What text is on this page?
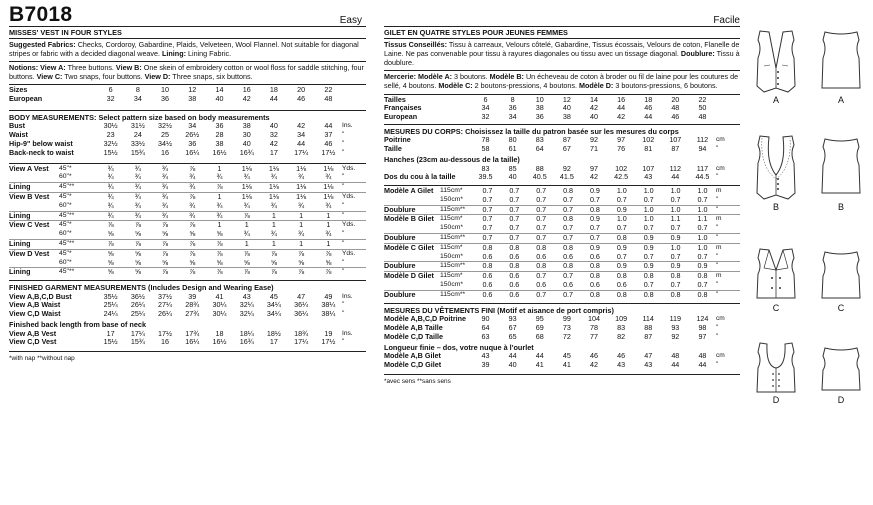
B7018	Easy
MISSES' VEST IN FOUR STYLES
Suggested Fabrics: Checks, Cordoroy, Gabardine, Plaids, Velveteen, Wool Flannel. Not suitable for diagonal stripes or fabric with a decided diagonal weave. Lining: Lining Fabric.
Notions: View A: Three buttons. View B: One skein of embroidery cotton or wool floss for saddle stitching, four buttons. View C: Two snaps, four buttons. View D: Three snaps, six buttons.
Sizes	6	8	10	12	14	16	18	20	22	
European	32	34	36	38	40	42	44	46	48	
BODY MEASUREMENTS: Select pattern size based on body measurements
Bust	30½	31½	32½	34	36	38	40	42	44	Ins.
Waist	23	24	25	26½	28	30	32	34	37	"
Hip-9" below waist	32½	33½	34½	36	38	40	42	44	46	"
Back-neck to waist	15½	15¾	16	16¼	16½	16¾	17	17¼	17½	"
View A Vest	45"*	¾	¾	¾	⅞	1	1⅛	1⅛	1⅛	1⅛	Yds.
	60"*	¾	¾	¾	¾	¾	¾	¾	¾	¾	"
Lining	45"**	¾	¾	¾	¾	⅞	1⅛	1⅛	1⅛	1⅛	"
View B Vest	45"*	¾	¾	¾	⅞	1	1⅛	1⅛	1⅛	1⅛	Yds.
	60"*	¾	¾	¾	¾	¾	¾	¾	¾	¾	"
Lining	45"**	¾	¾	¾	¾	¾	⅞	1	1	1	"
View C Vest	45"*	⅞	⅞	⅞	⅞	1	1	1	1	1	Yds.
	60"*	⅝	⅝	⅝	⅝	⅝	¾	¾	¾	¾	"
Lining	45"**	⅞	⅞	⅞	⅞	⅞	1	1	1	1	"
View D Vest	45"*	⅝	⅝	⅞	⅞	⅞	⅞	⅞	⅞	⅞	Yds.
	60"*	⅝	⅝	⅝	⅝	⅝	⅝	⅝	⅝	⅝	"
Lining	45"**	⅝	⅝	⅞	⅞	⅞	⅞	⅞	⅞	⅞	"
FINISHED GARMENT MEASUREMENTS (Includes Design and Wearing Ease)
View A,B,C,D Bust	35½	36½	37½	39	41	43	45	47	49	Ins.
View A,B Waist	25¼	26¼	27¼	28¾	30¼	32¼	34¼	36¼	38¼	"
View C,D Waist	24¼	25¼	26¼	27¾	30¼	32¼	34¼	36¼	38¼	"
Finished back length from base of neck
View A,B Vest	17	17¼	17½	17¾	18	18¼	18½	18¾	19	Ins.
View C,D Vest	15½	15¾	16	16¼	16½	16¾	17	17¼	17½	"
*with nap **without nap
Facile
GILET EN QUATRE STYLES POUR JEUNES FEMMES
Tissus Conseillés: Tissu à carreaux, Velours côtelé, Gabardine, Tissus écossais, Velours de coton, Flanelle de Laine. Ne pas convenable pour tissu à rayures diagonales ou tissu avec un tissage diagonal. Doublure: Tissu à doublure.
Mercerie: Modèle A: 3 boutons. Modèle B: Un écheveau de coton à broder ou fil de laine pour les coutures de sellé, 4 boutons. Modèle C: 2 boutons-pressions, 4 boutons. Modèle D: 3 boutons-pressions, 6 boutons.
Tailles	6	8	10	12	14	16	18	20	22	
Françaises	34	36	38	40	42	44	46	48	50	
European	32	34	36	38	40	42	44	46	48	
MESURES DU CORPS: Choisissez la taille du patron basée sur les mesures du corps
Poitrine	78	80	83	87	92	97	102	107	112	cm
Taille	58	61	64	67	71	76	81	87	94	"
Hanches (23cm au-dessous de la taille)
	83	85	88	92	97	102	107	112	117	cm
Dos du cou à la taille	39.5	40	40.5	41.5	42	42.5	43	44	44.5	"
Modèle A Gilet	115cm*	0.7	0.7	0.7	0.8	0.9	1.0	1.0	1.0	1.0	m
	150cm*	0.7	0.7	0.7	0.7	0.7	0.7	0.7	0.7	0.7	"
Doublure	115cm**	0.7	0.7	0.7	0.7	0.8	0.9	1.0	1.0	1.0	"
Modèle B Gilet	115cm*	0.7	0.7	0.7	0.8	0.9	1.0	1.0	1.1	1.1	m
	150cm*	0.7	0.7	0.7	0.7	0.7	0.7	0.7	0.7	0.7	"
Doublure	115cm**	0.7	0.7	0.7	0.7	0.7	0.8	0.9	0.9	1.0	"
Modèle C Gilet	115cm*	0.8	0.8	0.8	0.8	0.9	0.9	0.9	1.0	1.0	m
	150cm*	0.6	0.6	0.6	0.6	0.6	0.7	0.7	0.7	0.7	"
Doublure	115cm**	0.8	0.8	0.8	0.8	0.8	0.9	0.9	0.9	0.9	"
Modèle D Gilet	115cm*	0.6	0.6	0.7	0.7	0.8	0.8	0.8	0.8	0.8	m
	150cm*	0.6	0.6	0.6	0.6	0.6	0.6	0.7	0.7	0.7	"
Doublure	115cm**	0.6	0.6	0.7	0.7	0.8	0.8	0.8	0.8	0.8	"
MESURES DU VÊTEMENTS FINI (Motif et aisance de port compris)
Modèle A,B,C,D Poitrine	90	93	95	99	104	109	114	119	124	cm
Modèle A,B Taille	64	67	69	73	78	83	88	93	98	"
Modèle C,D Taille	63	65	68	72	77	82	87	92	97	"
Longueur finie – dos, votre nuque à l'ourlet
Modèle A,B Gilet	43	44	44	45	46	46	47	48	48	cm
Modèle C,D Gilet	39	40	41	41	42	43	43	44	44	"
*avec sens **sans sens
A	A
B	B
C	C
D	D
